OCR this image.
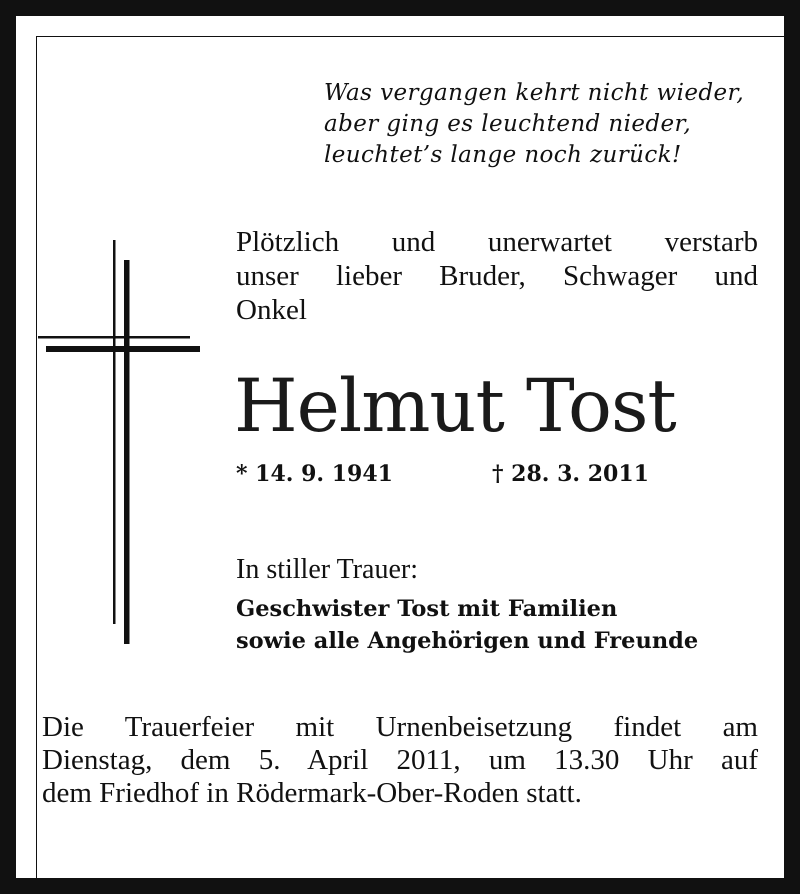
Was vergangen kehrt nicht wieder,
aber ging es leuchtend nieder,
leuchtet’s lange noch zurück!
Plötzlich und unerwartet verstarb
unser lieber Bruder, Schwager und
Onkel
Helmut Tost
* 14. 9. 1941	† 28. 3. 2011
In stiller Trauer:
Geschwister Tost mit Familien
sowie alle Angehörigen und Freunde
Die Trauerfeier mit Urnenbeisetzung findet am
Dienstag, dem 5. April 2011, um 13.30 Uhr auf
dem Friedhof in Rödermark-Ober-Roden statt.
